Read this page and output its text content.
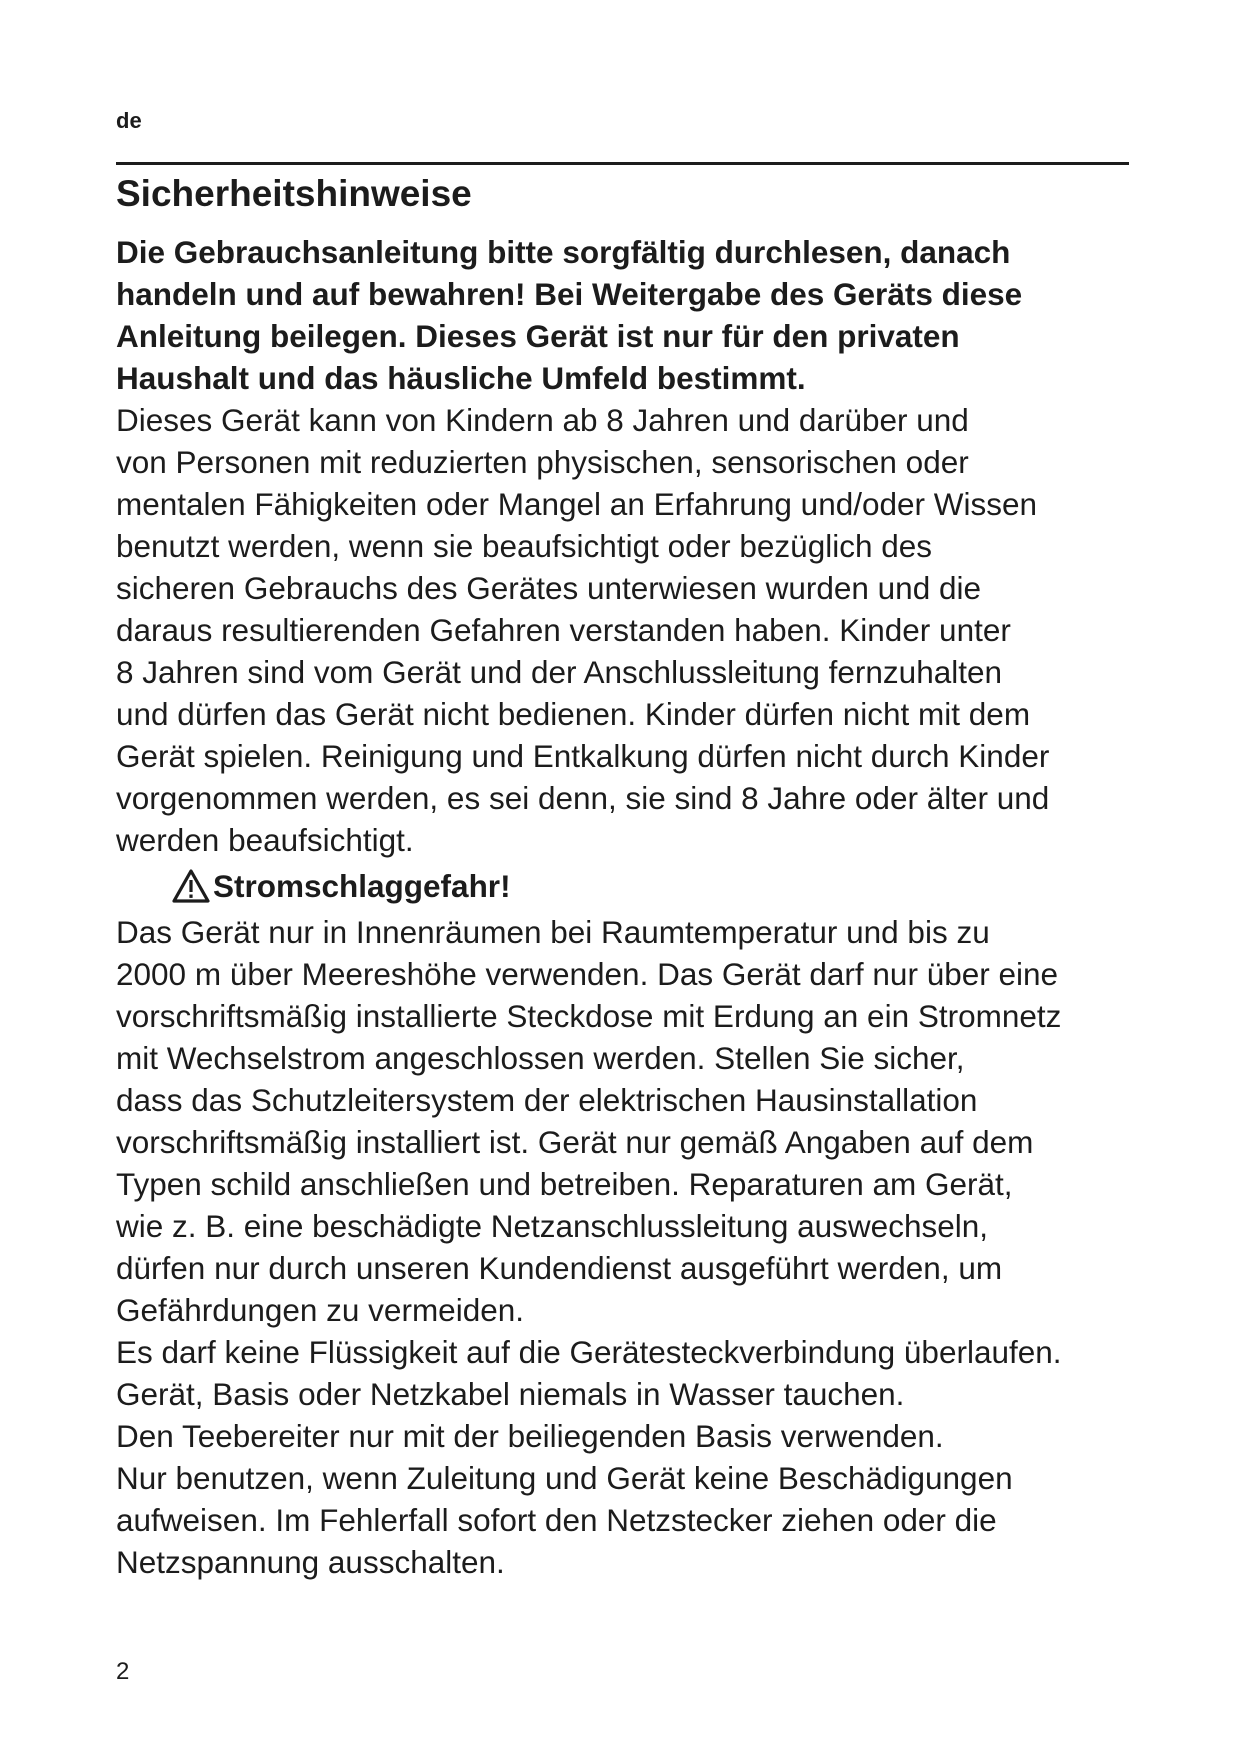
de
Sicherheitshinweise
Die Gebrauchsanleitung bitte sorgfältig durchlesen, danach
handeln und auf bewahren! Bei Weitergabe des Geräts diese
Anleitung beilegen. Dieses Gerät ist nur für den privaten
Haushalt und das häusliche Umfeld bestimmt.
Dieses Gerät kann von Kindern ab 8 Jahren und darüber und
von Personen mit reduzierten physischen, sensorischen oder
mentalen Fähigkeiten oder Mangel an Erfahrung und/oder Wissen
benutzt werden, wenn sie beaufsichtigt oder bezüglich des
sicheren Gebrauchs des Gerätes unterwiesen wurden und die
daraus resultierenden Gefahren verstanden haben. Kinder unter
8 Jahren sind vom Gerät und der Anschlussleitung fernzuhalten
und dürfen das Gerät nicht bedienen. Kinder dürfen nicht mit dem
Gerät spielen. Reinigung und Entkalkung dürfen nicht durch Kinder
vorgenommen werden, es sei denn, sie sind 8 Jahre oder älter und
werden beaufsichtigt.
Stromschlaggefahr!
Das Gerät nur in Innenräumen bei Raumtemperatur und bis zu
2000 m über Meereshöhe verwenden. Das Gerät darf nur über eine
vorschriftsmäßig installierte Steckdose mit Erdung an ein Stromnetz
mit Wechselstrom angeschlossen werden. Stellen Sie sicher,
dass das Schutzleitersystem der elektrischen Hausinstallation
vorschriftsmäßig installiert ist. Gerät nur gemäß Angaben auf dem
Typen schild anschließen und betreiben. Reparaturen am Gerät,
wie z. B. eine beschädigte Netzanschlussleitung auswechseln,
dürfen nur durch unseren Kundendienst ausgeführt werden, um
Gefährdungen zu vermeiden.
Es darf keine Flüssigkeit auf die Gerätesteckverbindung überlaufen.
Gerät, Basis oder Netzkabel niemals in Wasser tauchen.
Den Teebereiter nur mit der beiliegenden Basis verwenden.
Nur benutzen, wenn Zuleitung und Gerät keine Beschädigungen
aufweisen. Im Fehlerfall sofort den Netzstecker ziehen oder die
Netzspannung ausschalten.
2
